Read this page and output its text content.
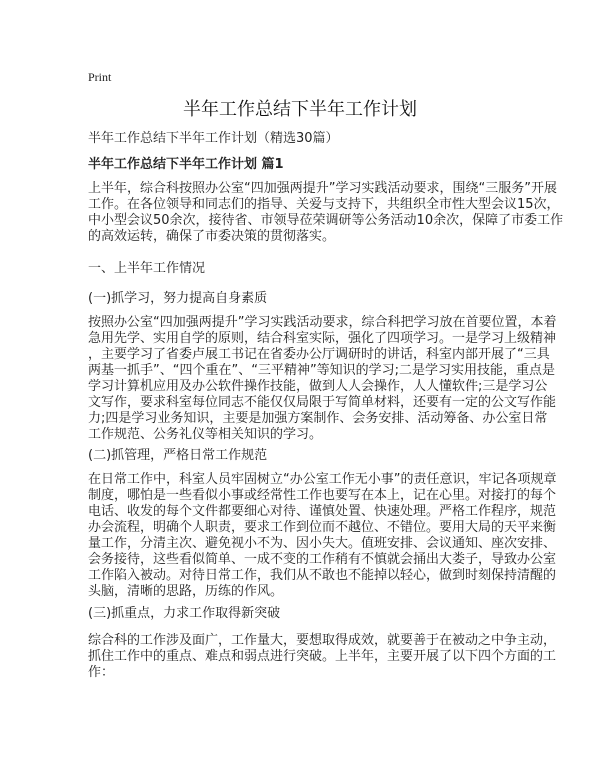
Print
半年工作总结下半年工作计划
半年工作总结下半年工作计划（精选30篇）
半年工作总结下半年工作计划 篇1
上半年，综合科按照办公室“四加强两提升”学习实践活动要求，围绕“三服务”开展
工作。在各位领导和同志们的指导、关爱与支持下，共组织全市性大型会议15次，
中小型会议50余次，接待省、市领导莅荣调研等公务活动10余次，保障了市委工作
的高效运转，确保了市委决策的贯彻落实。
一、上半年工作情况
(一)抓学习，努力提高自身素质
按照办公室“四加强两提升”学习实践活动要求，综合科把学习放在首要位置，本着
急用先学、实用自学的原则，结合科室实际，强化了四项学习。一是学习上级精神
，主要学习了省委卢展工书记在省委办公厅调研时的讲话，科室内部开展了“三具
两基一抓手”、“四个重在”、“三平精神”等知识的学习;二是学习实用技能，重点是
学习计算机应用及办公软件操作技能，做到人人会操作，人人懂软件;三是学习公
文写作，要求科室每位同志不能仅仅局限于写简单材料，还要有一定的公文写作能
力;四是学习业务知识，主要是加强方案制作、会务安排、活动筹备、办公室日常
工作规范、公务礼仪等相关知识的学习。
(二)抓管理，严格日常工作规范
在日常工作中，科室人员牢固树立“办公室工作无小事”的责任意识，牢记各项规章
制度，哪怕是一些看似小事或经常性工作也要写在本上，记在心里。对接打的每个
电话、收发的每个文件都要细心对待、谨慎处置、快速处理。严格工作程序，规范
办会流程，明确个人职责，要求工作到位而不越位、不错位。要用大局的天平来衡
量工作，分清主次、避免视小不为、因小失大。值班安排、会议通知、座次安排、
会务接待，这些看似简单、一成不变的工作稍有不慎就会捅出大娄子，导致办公室
工作陷入被动。对待日常工作，我们从不敢也不能掉以轻心，做到时刻保持清醒的
头脑，清晰的思路，历练的作风。
(三)抓重点，力求工作取得新突破
综合科的工作涉及面广，工作量大，要想取得成效，就要善于在被动之中争主动，
抓住工作中的重点、难点和弱点进行突破。上半年，主要开展了以下四个方面的工
作：
